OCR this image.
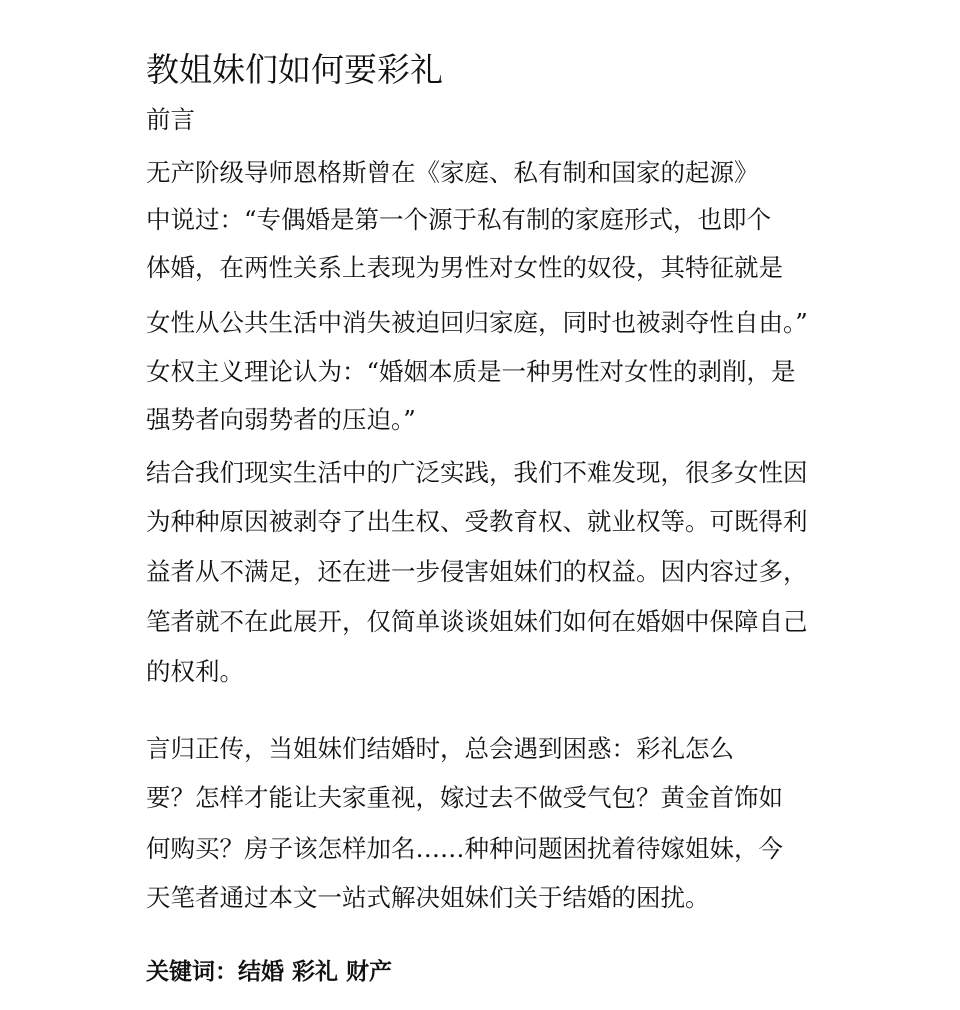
教姐妹们如何要彩礼
前言
无产阶级导师恩格斯曾在《家庭、私有制和国家的起源》
中说过：“专偶婚是第一个源于私有制的家庭形式，也即个
体婚，在两性关系上表现为男性对女性的奴役，其特征就是
女性从公共生活中消失被迫回归家庭，同时也被剥夺性自由。”
女权主义理论认为：“婚姻本质是一种男性对女性的剥削，是
强势者向弱势者的压迫。”
结合我们现实生活中的广泛实践，我们不难发现，很多女性因
为种种原因被剥夺了出生权、受教育权、就业权等。可既得利
益者从不满足，还在进一步侵害姐妹们的权益。因内容过多，
笔者就不在此展开，仅简单谈谈姐妹们如何在婚姻中保障自己
的权利。
言归正传，当姐妹们结婚时，总会遇到困惑：彩礼怎么
要？怎样才能让夫家重视，嫁过去不做受气包？黄金首饰如
何购买？房子该怎样加名……种种问题困扰着待嫁姐妹，今
天笔者通过本文一站式解决姐妹们关于结婚的困扰。
关键词：结婚 彩礼 财产
